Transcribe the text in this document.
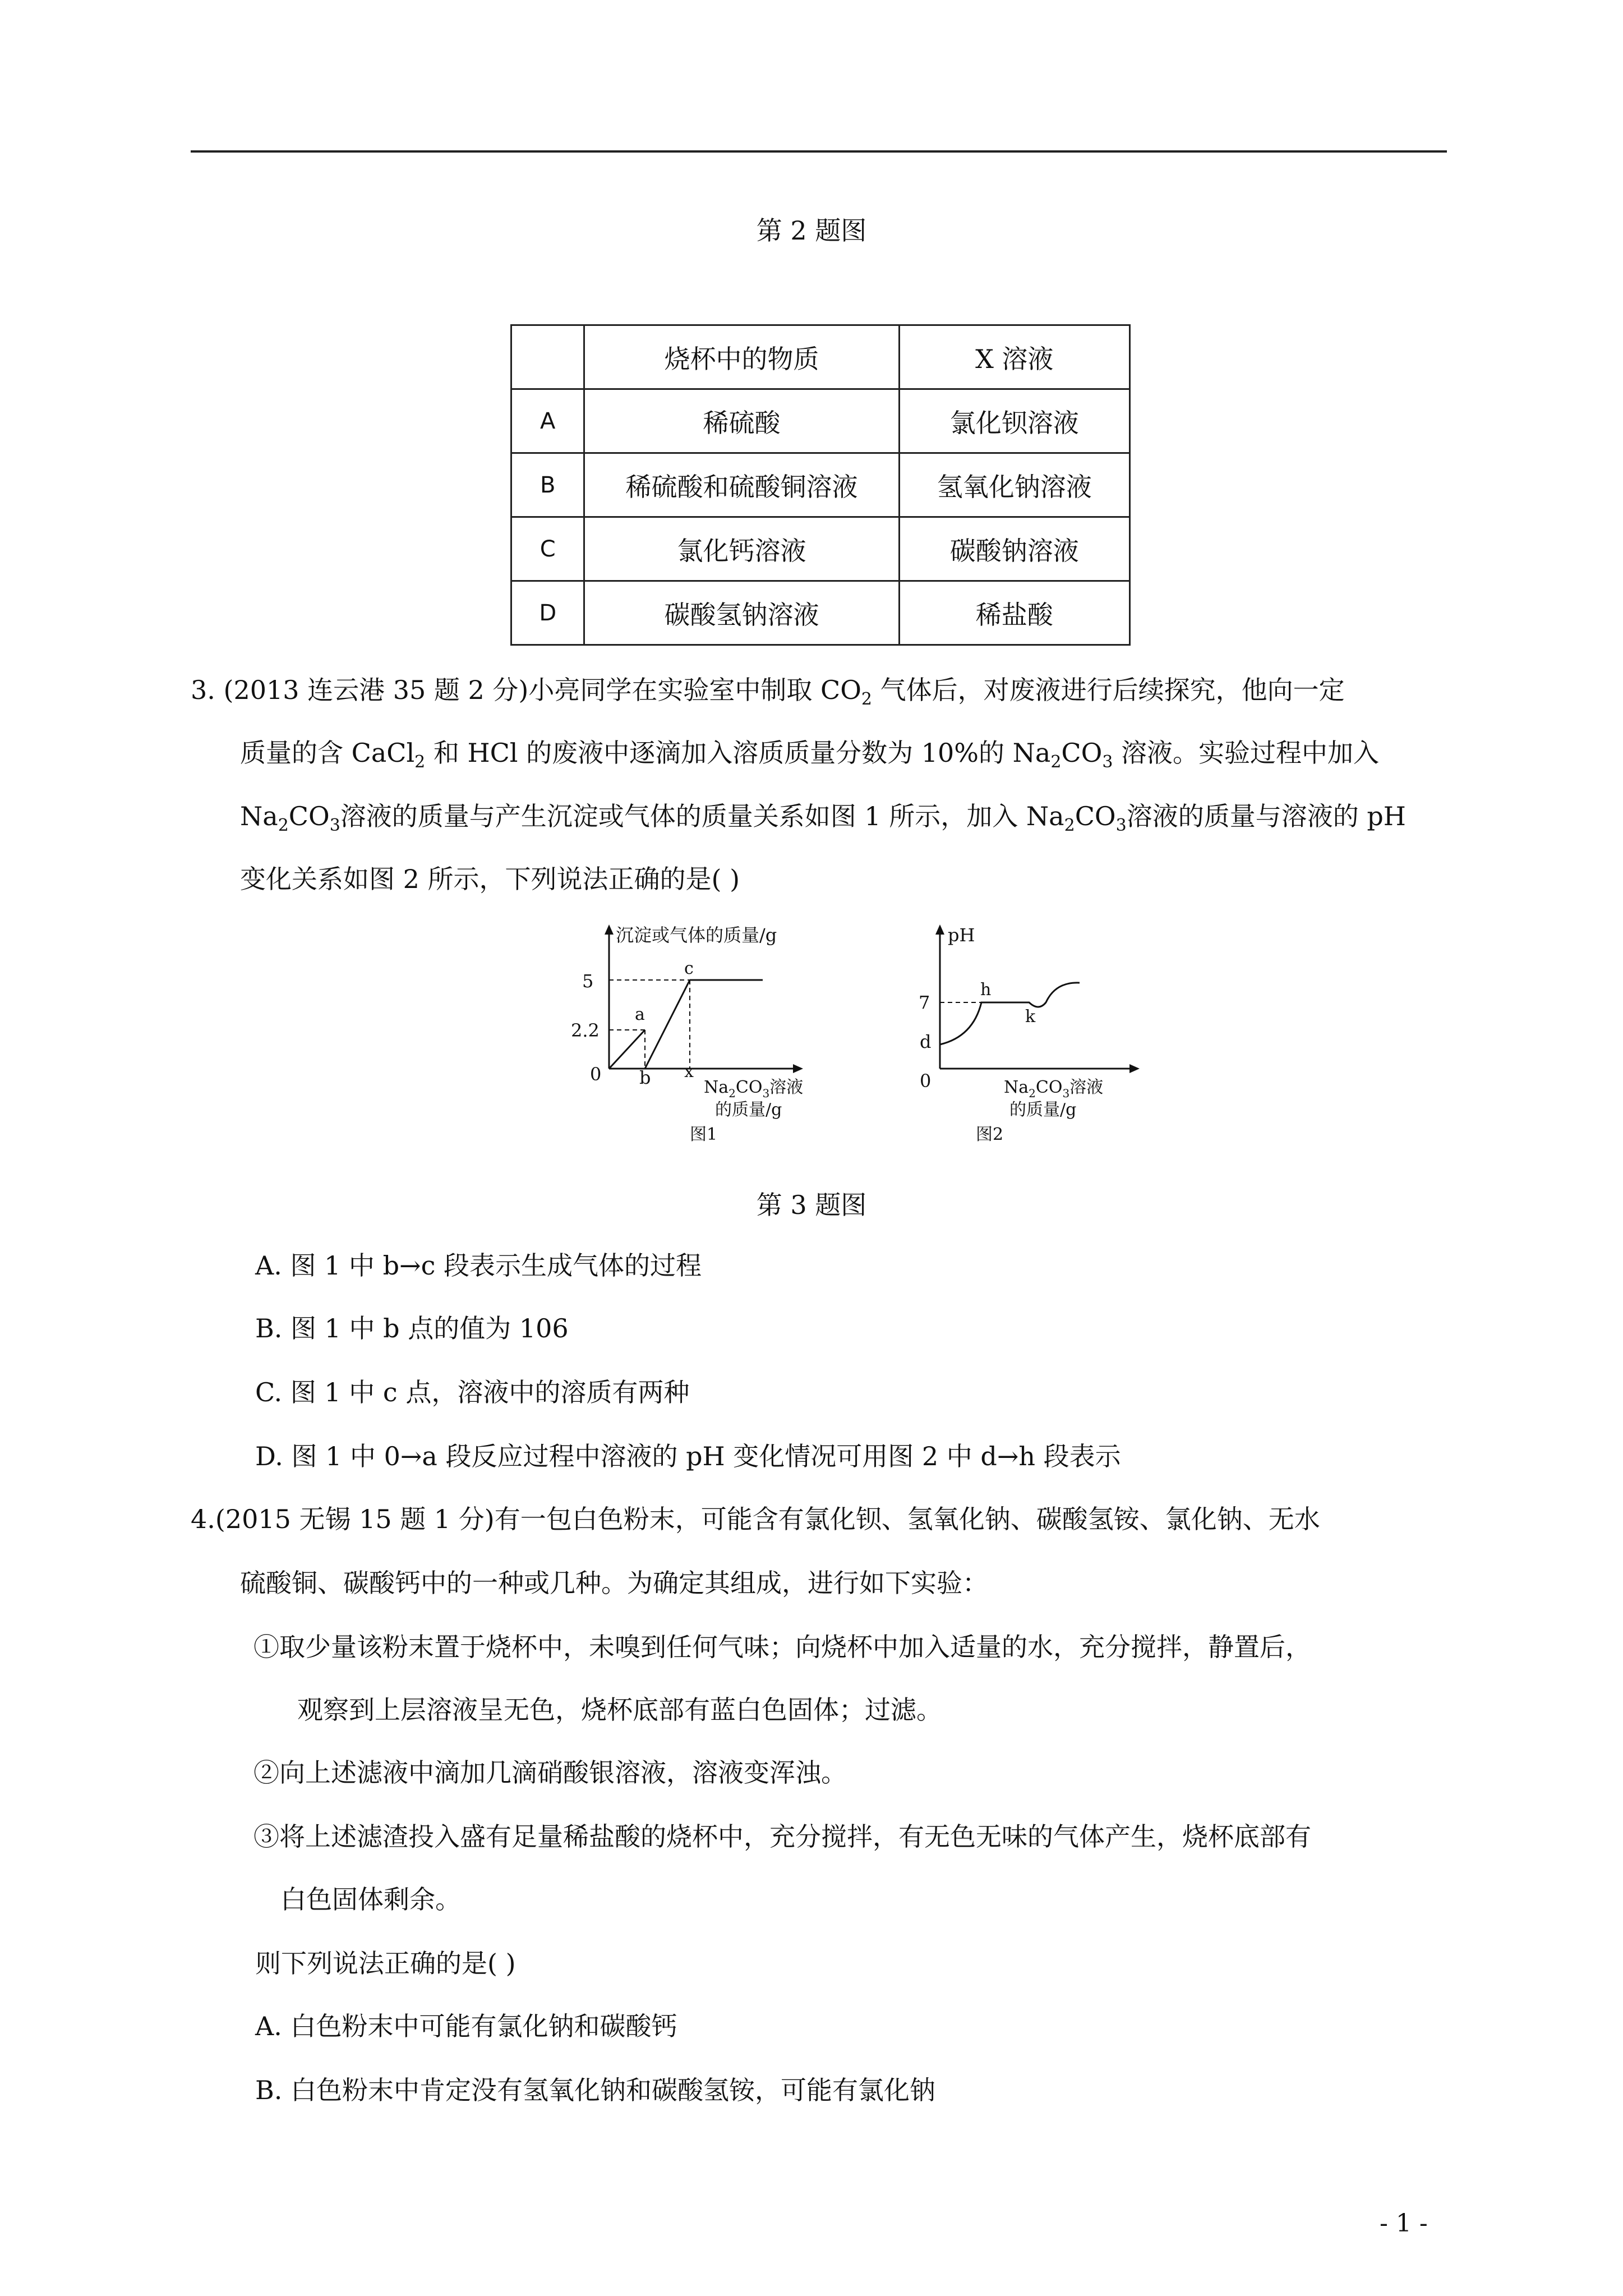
第 2 题图
	烧杯中的物质	X 溶液
A	稀硫酸	氯化钡溶液
B	稀硫酸和硫酸铜溶液	氢氧化钠溶液
C	氯化钙溶液	碳酸钠溶液
D	碳酸氢钠溶液	稀盐酸
3. (2013 连云港 35 题 2 分)小亮同学在实验室中制取 $CO_2$ 气体后，对废液进行后续探究，他向一定
质量的含 CaCl$_2$ 和 HCl 的废液中逐滴加入溶质质量分数为 10%的 $Na_2CO_3$ 溶液。实验过程中加入
$Na_2CO_3$溶液的质量与产生沉淀或气体的质量关系如图 1 所示，加入 $Na_2CO_3$溶液的质量与溶液的 pH
变化关系如图 2 所示，下列说法正确的是( )
沉淀或气体的质量/g
5
2.2
0 b x
a
c
$Na_2CO_3$溶液
的质量/g
图1
pH
7
d
0
h
k
$Na_2CO_3$溶液
的质量/g
图2
第 3 题图
A. 图 1 中 b→c 段表示生成气体的过程
B. 图 1 中 b 点的值为 106
C. 图 1 中 c 点，溶液中的溶质有两种
D. 图 1 中 0→a 段反应过程中溶液的 pH 变化情况可用图 2 中 d→h 段表示
4.(2015 无锡 15 题 1 分)有一包白色粉末，可能含有氯化钡、氢氧化钠、碳酸氢铵、氯化钠、无水
硫酸铜、碳酸钙中的一种或几种。为确定其组成，进行如下实验：
①取少量该粉末置于烧杯中，未嗅到任何气味；向烧杯中加入适量的水，充分搅拌，静置后，
观察到上层溶液呈无色，烧杯底部有蓝白色固体；过滤。
②向上述滤液中滴加几滴硝酸银溶液，溶液变浑浊。
③将上述滤渣投入盛有足量稀盐酸的烧杯中，充分搅拌，有无色无味的气体产生，烧杯底部有
白色固体剩余。
则下列说法正确的是( )
A. 白色粉末中可能有氯化钠和碳酸钙
B. 白色粉末中肯定没有氢氧化钠和碳酸氢铵，可能有氯化钠
- 1 -
